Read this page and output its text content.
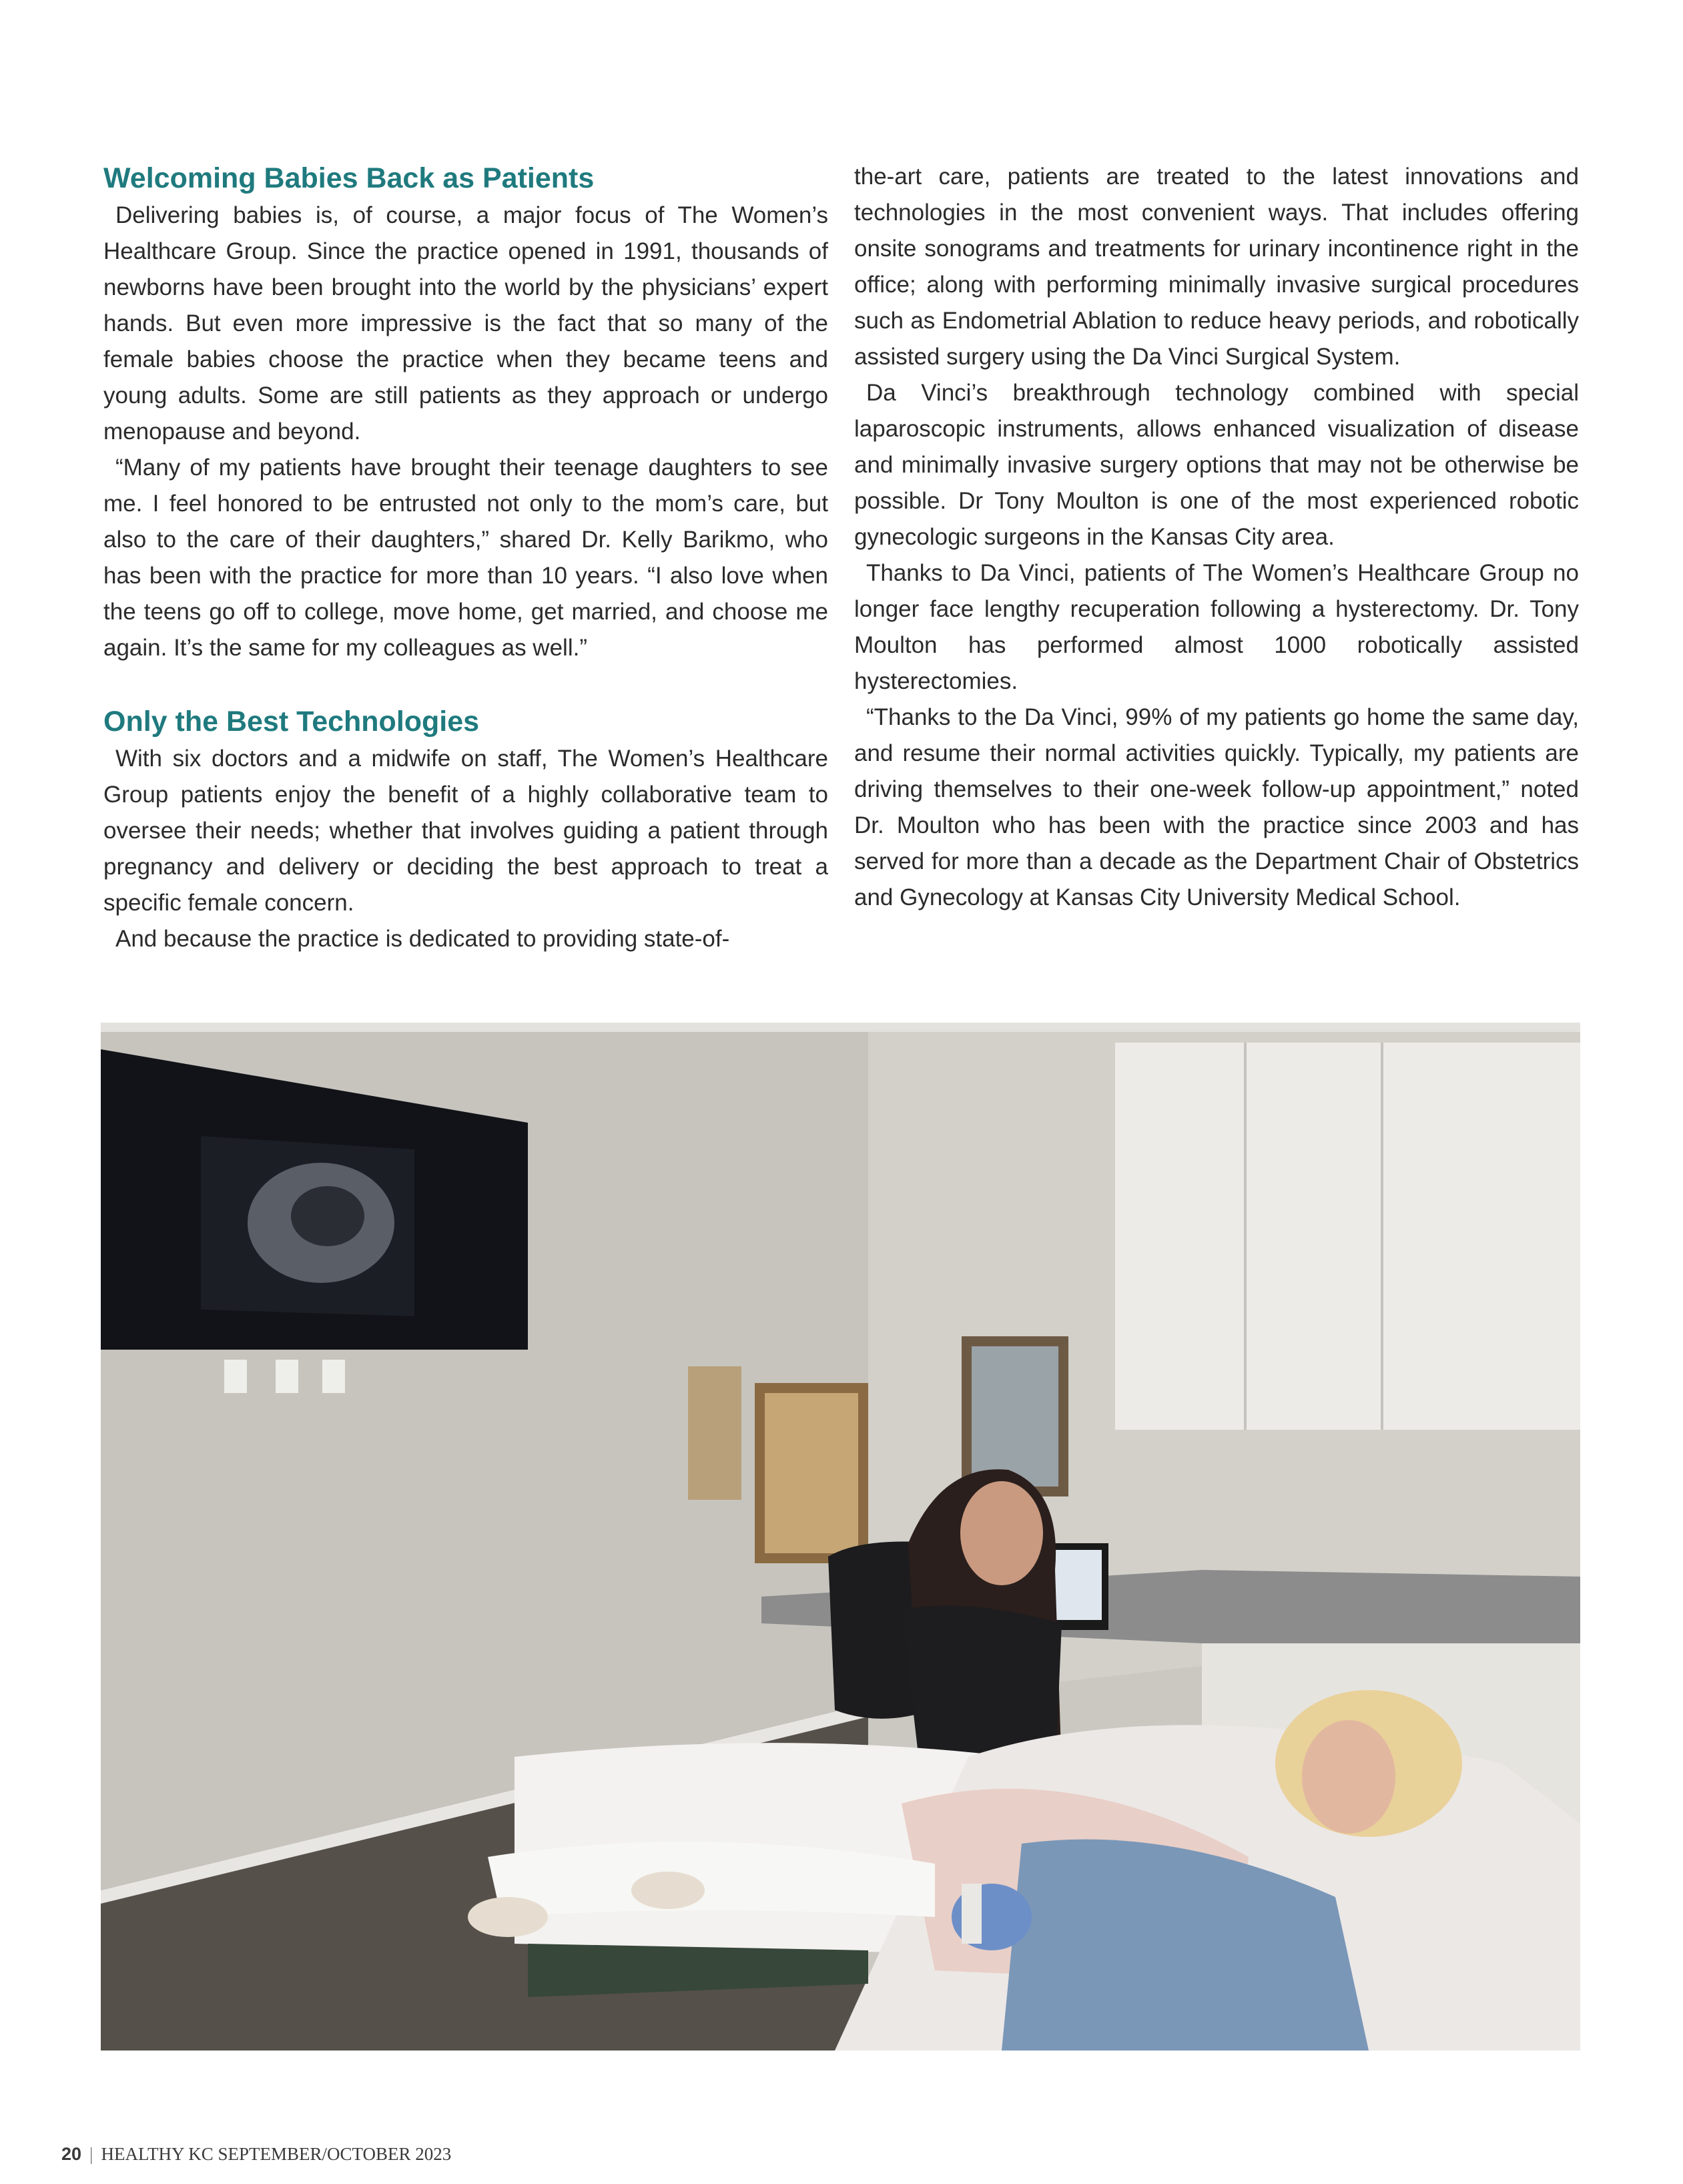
Welcoming Babies Back as Patients

Delivering babies is, of course, a major focus of The Women’s Healthcare Group. Since the practice opened in 1991, thousands of newborns have been brought into the world by the physicians’ expert hands. But even more impressive is the fact that so many of the female babies choose the practice when they became teens and young adults. Some are still patients as they approach or undergo menopause and beyond.

“Many of my patients have brought their teenage daughters to see me. I feel honored to be entrusted not only to the mom’s care, but also to the care of their daughters,” shared Dr. Kelly Barikmo, who has been with the practice for more than 10 years. “I also love when the teens go off to college, move home, get married, and choose me again. It’s the same for my colleagues as well.”

Only the Best Technologies

With six doctors and a midwife on staff, The Women’s Healthcare Group patients enjoy the benefit of a highly collaborative team to oversee their needs; whether that involves guiding a patient through pregnancy and delivery or deciding the best approach to treat a specific female concern.

And because the practice is dedicated to providing state-of-

the-art care, patients are treated to the latest innovations and technologies in the most convenient ways. That includes offering onsite sonograms and treatments for urinary incontinence right in the office; along with performing minimally invasive surgical procedures such as Endometrial Ablation to reduce heavy periods, and robotically assisted surgery using the Da Vinci Surgical System.

Da Vinci’s breakthrough technology combined with special laparoscopic instruments, allows enhanced visualization of disease and minimally invasive surgery options that may not be otherwise be possible. Dr Tony Moulton is one of the most experienced robotic gynecologic surgeons in the Kansas City area.

Thanks to Da Vinci, patients of The Women’s Healthcare Group no longer face lengthy recuperation following a hysterectomy. Dr. Tony Moulton has performed almost 1000 robotically assisted hysterectomies.

“Thanks to the Da Vinci, 99% of my patients go home the same day, and resume their normal activities quickly. Typically, my patients are driving themselves to their one-week follow-up appointment,” noted Dr. Moulton who has been with the practice since 2003 and has served for more than a decade as the Department Chair of Obstetrics and Gynecology at Kansas City University Medical School.

20 | HEALTHY KC SEPTEMBER/OCTOBER 2023
